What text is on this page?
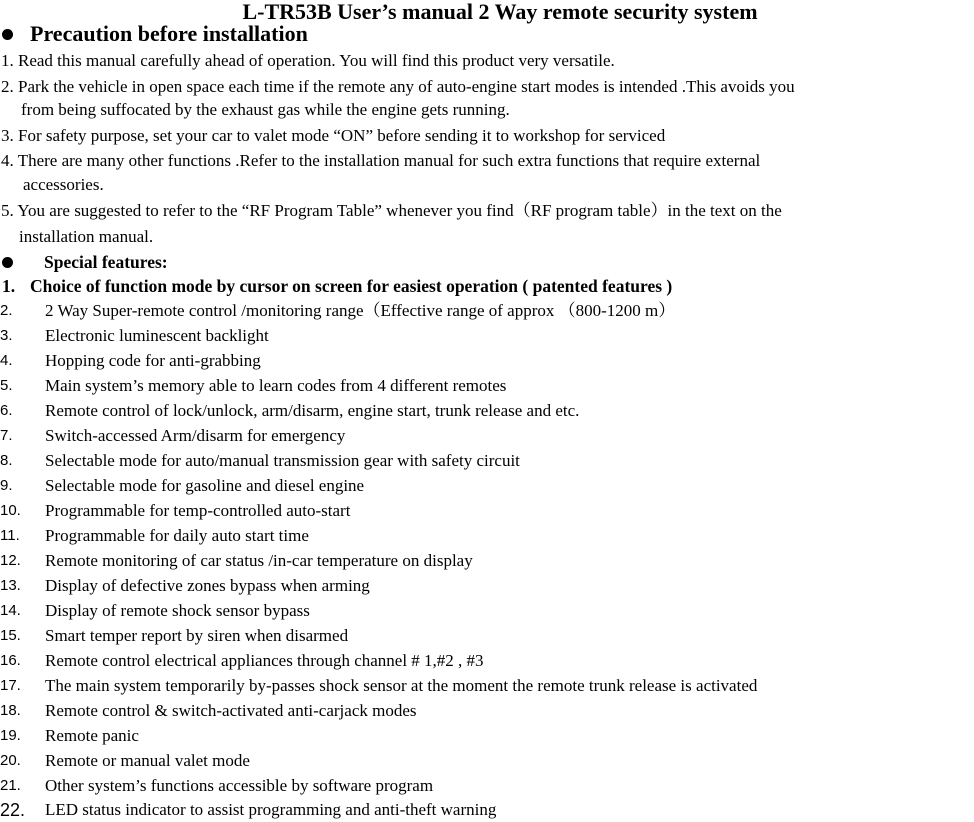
L-TR53B User’s manual 2 Way remote security system
Precaution before installation
1. Read this manual carefully ahead of operation. You will find this product very versatile.
2. Park the vehicle in open space each time if the remote any of auto-engine start modes is intended .This avoids you
from being suffocated by the exhaust gas while the engine gets running.
3. For safety purpose, set your car to valet mode “ON” before sending it to workshop for serviced
4. There are many other functions .Refer to the installation manual for such extra functions that require external
accessories.
5. You are suggested to refer to the “RF Program Table” whenever you find（RF program table）in the text on the
installation manual.
Special features:
1. Choice of function mode by cursor on screen for easiest operation ( patented features )
2. 2 Way Super-remote control /monitoring range（Effective range of approx （800-1200 m）
3. Electronic luminescent backlight
4. Hopping code for anti-grabbing
5. Main system’s memory able to learn codes from 4 different remotes
6. Remote control of lock/unlock, arm/disarm, engine start, trunk release and etc.
7. Switch-accessed Arm/disarm for emergency
8. Selectable mode for auto/manual transmission gear with safety circuit
9. Selectable mode for gasoline and diesel engine
10. Programmable for temp-controlled auto-start
11. Programmable for daily auto start time
12. Remote monitoring of car status /in-car temperature on display
13. Display of defective zones bypass when arming
14. Display of remote shock sensor bypass
15. Smart temper report by siren when disarmed
16. Remote control electrical appliances through channel # 1,#2 , #3
17. The main system temporarily by-passes shock sensor at the moment the remote trunk release is activated
18. Remote control & switch-activated anti-carjack modes
19. Remote panic
20. Remote or manual valet mode
21. Other system’s functions accessible by software program
22. LED status indicator to assist programming and anti-theft warning
